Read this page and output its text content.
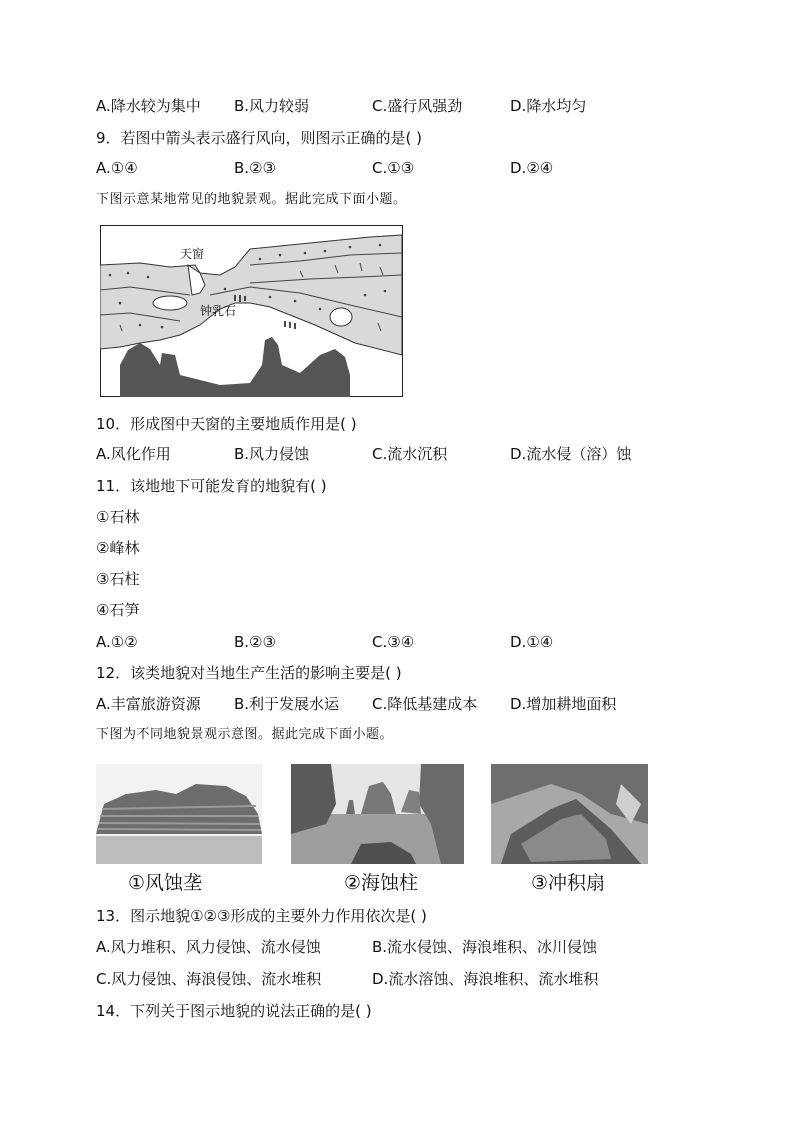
A.降水较为集中 B.风力较弱	C.盛行风强劲	D.降水均匀
9．若图中箭头表示盛行风向，则图示正确的是( )
A.①④	B.②③	C.①③	D.②④
下图示意某地常见的地貌景观。据此完成下面小题。
天窗
钟乳石
10．形成图中天窗的主要地质作用是( )
A.风化作用	B.风力侵蚀	C.流水沉积	D.流水侵（溶）蚀
11．该地地下可能发育的地貌有( )
①石林
②峰林
③石柱
④石笋
A.①②	B.②③	C.③④	D.①④
12．该类地貌对当地生产生活的影响主要是( )
A.丰富旅游资源 B.利于发展水运 C.降低基建成本 D.增加耕地面积
下图为不同地貌景观示意图。据此完成下面小题。
①风蚀垄	②海蚀柱	③冲积扇
13．图示地貌①②③形成的主要外力作用依次是( )
A.风力堆积、风力侵蚀、流水侵蚀	B.流水侵蚀、海浪堆积、冰川侵蚀
C.风力侵蚀、海浪侵蚀、流水堆积	D.流水溶蚀、海浪堆积、流水堆积
14．下列关于图示地貌的说法正确的是( )
